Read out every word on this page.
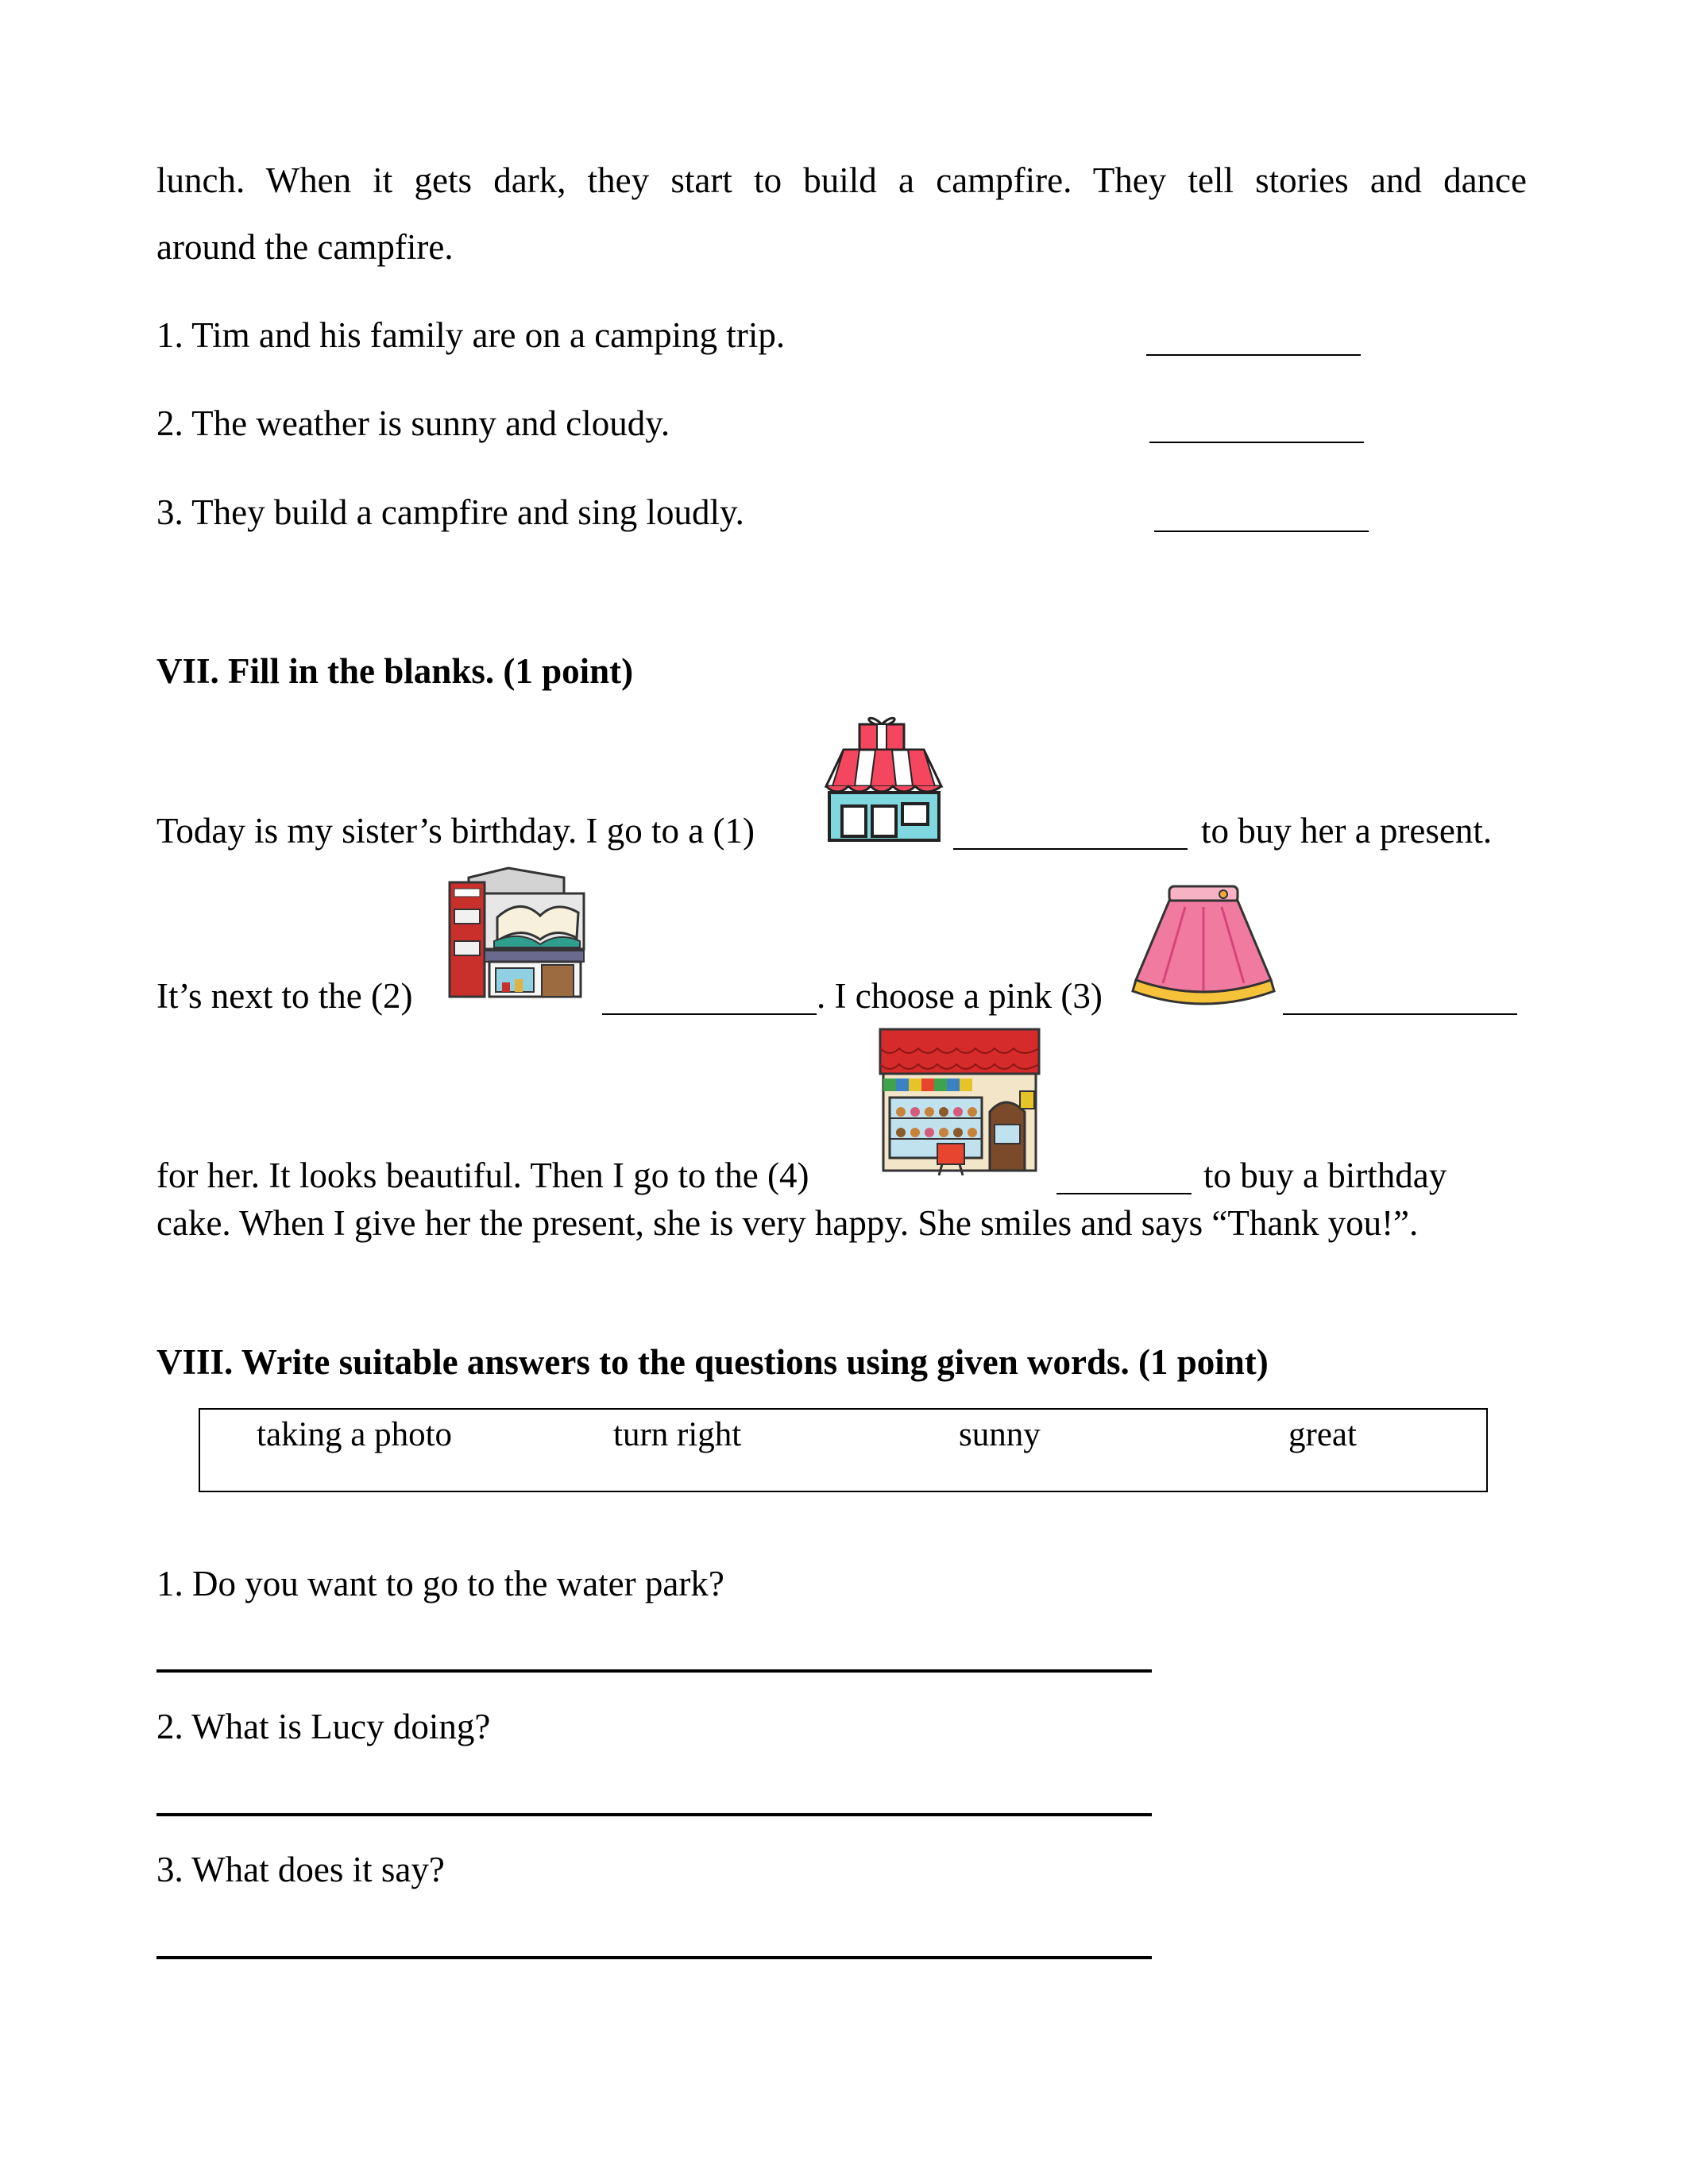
lunch. When it gets dark, they start to build a campfire. They tell stories and dance
around the campfire.
1. Tim and his family are on a camping trip.
2. The weather is sunny and cloudy.
3. They build a campfire and sing loudly.
VII. Fill in the blanks. (1 point)
Today is my sister’s birthday. I go to a (1)	to buy her a present.
It’s next to the (2)	. I choose a pink (3)
for her. It looks beautiful. Then I go to the (4)	to buy a birthday
cake. When I give her the present, she is very happy. She smiles and says “Thank you!”.
VIII. Write suitable answers to the questions using given words. (1 point)
taking a photo	turn right	sunny	great
1. Do you want to go to the water park?
2. What is Lucy doing?
3. What does it say?
